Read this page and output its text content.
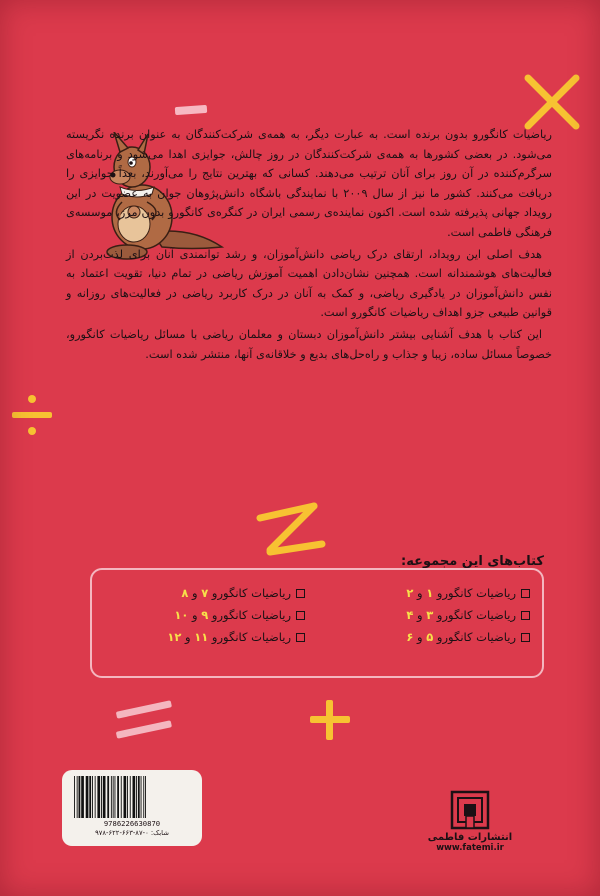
ریاضیات کانگورو بدون برنده است. به عبارت دیگر، به همه‌ی شرکت‌کنندگان به عنوان برنده نگریسته می‌شود. در بعضی کشورها به همه‌ی شرکت‌کنندگان در روز چالش، جوایزی اهدا می‌شود و برنامه‌های سرگرم‌کننده در آن روز برای آنان ترتیب می‌دهند. کسانی که بهترین نتایج را می‌آورند، بعداً جوایزی را دریافت می‌کنند. کشور ما نیز از سال ۲۰۰۹ با نمایندگی باشگاه دانش‌پژوهان جوان به عضویت در این رویداد جهانی پذیرفته شده است. اکنون نماینده‌ی رسمی ایران در کنگره‌ی کانگورو بدون مرز، موسسه‌ی فرهنگی فاطمی است.

هدف اصلی این رویداد، ارتقای درک ریاضی دانش‌آموزان، و رشد توانمندی آنان برای لذت‌بردن از فعالیت‌های هوشمندانه است. همچنین نشان‌دادن اهمیت آموزش ریاضی در تمام دنیا، تقویت اعتماد به نفس دانش‌آموزان در یادگیری ریاضی، و کمک به آنان در درک کاربرد ریاضی در فعالیت‌های روزانه و قوانین طبیعی جزو اهداف ریاضیات کانگورو است.

این کتاب با هدف آشنایی بیشتر دانش‌آموزان دبستان و معلمان ریاضی با مسائل ریاضیات کانگورو، خصوصاً مسائل ساده، زیبا و جذاب و راه‌حل‌های بدیع و خلاقانه‌ی آنها، منتشر شده است.

کتاب‌های این مجموعه:
ریاضیات کانگورو ۱ و ۲
ریاضیات کانگورو ۳ و ۴
ریاضیات کانگورو ۵ و ۶
ریاضیات کانگورو ۷ و ۸
ریاضیات کانگورو ۹ و ۱۰
ریاضیات کانگورو ۱۱ و ۱۲
9786226630870
شابک: ۰-۸۷-۶۶۳-۶۲۲-۹۷۸	انتشارات فاطمی
www.fatemi.ir
